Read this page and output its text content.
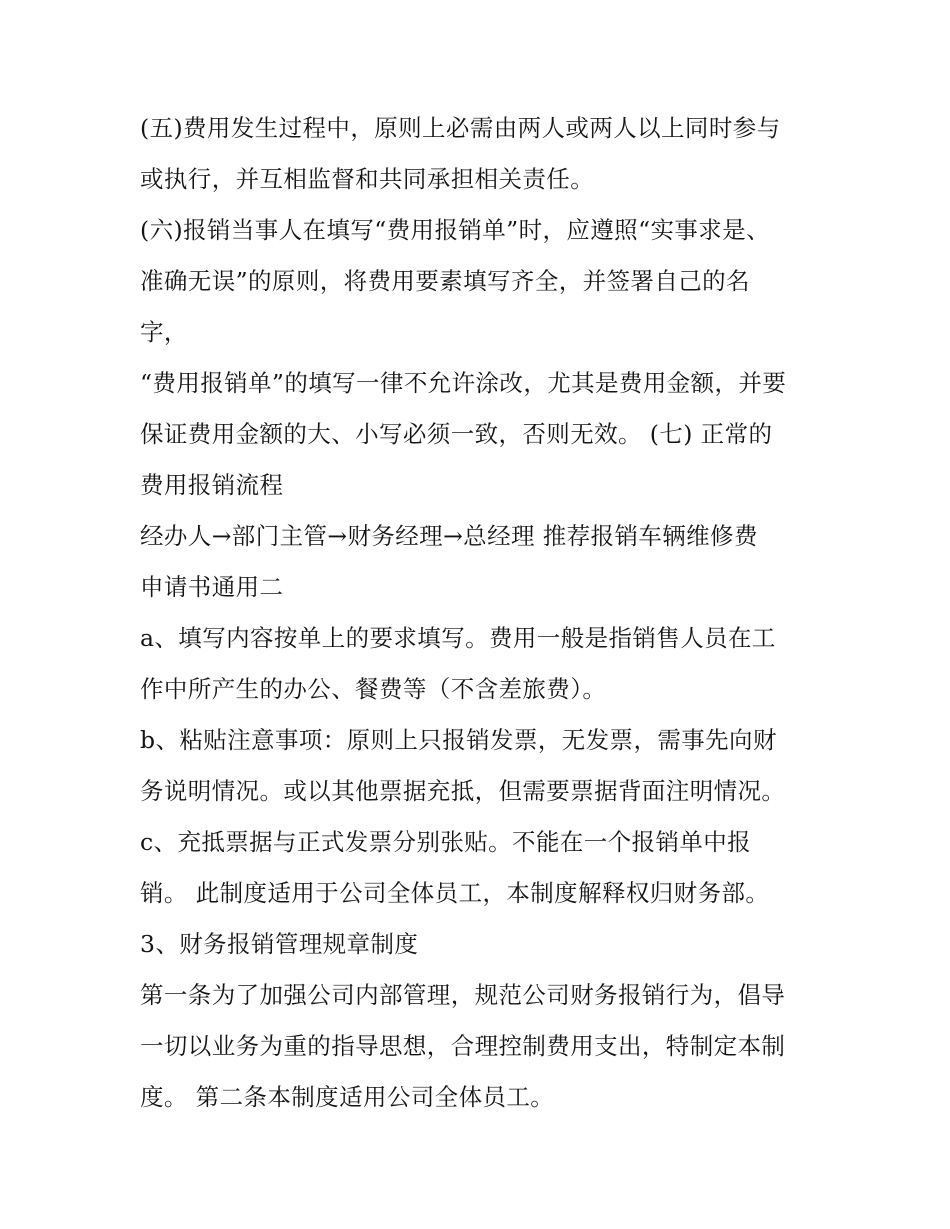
(五)费用发生过程中，原则上必需由两人或两人以上同时参与
或执行，并互相监督和共同承担相关责任。
(六)报销当事人在填写“费用报销单”时，应遵照“实事求是、
准确无误”的原则，将费用要素填写齐全，并签署自己的名
字，
“费用报销单”的填写一律不允许涂改，尤其是费用金额，并要
保证费用金额的大、小写必须一致，否则无效。 (七) 正常的
费用报销流程
经办人→部门主管→财务经理→总经理 推荐报销车辆维修费
申请书通用二
a、填写内容按单上的要求填写。费用一般是指销售人员在工
作中所产生的办公、餐费等（不含差旅费）。
b、粘贴注意事项：原则上只报销发票，无发票，需事先向财
务说明情况。或以其他票据充抵，但需要票据背面注明情况。
c、充抵票据与正式发票分别张贴。不能在一个报销单中报
销。 此制度适用于公司全体员工，本制度解释权归财务部。
3、财务报销管理规章制度
第一条为了加强公司内部管理，规范公司财务报销行为，倡导
一切以业务为重的指导思想，合理控制费用支出，特制定本制
度。 第二条本制度适用公司全体员工。
